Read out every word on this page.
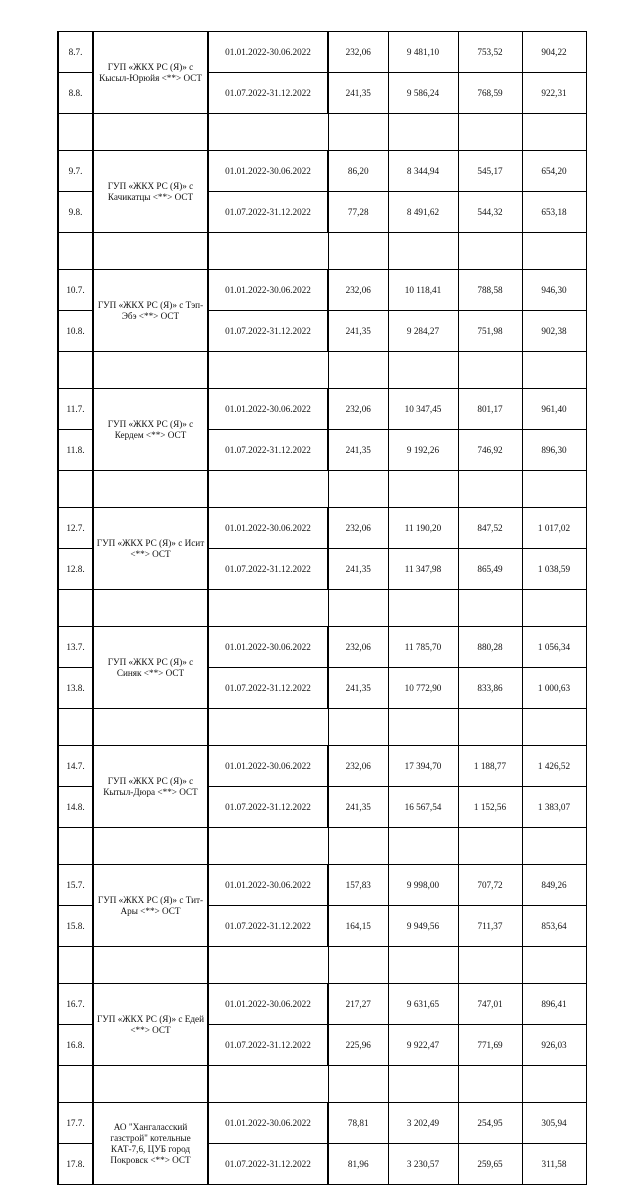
8.7.	ГУП «ЖКХ РС (Я)» с Кысыл-Юрюйя <**> ОСТ	01.01.2022-30.06.2022	232,06	9 481,10	753,52	904,22
8.8.		01.07.2022-31.12.2022	241,35	9 586,24	768,59	922,31

9.7.	ГУП «ЖКХ РС (Я)» с Качикатцы <**> ОСТ	01.01.2022-30.06.2022	86,20	8 344,94	545,17	654,20
9.8.		01.07.2022-31.12.2022	77,28	8 491,62	544,32	653,18

10.7.	ГУП «ЖКХ РС (Я)» с Тэп-Эбэ <**> ОСТ	01.01.2022-30.06.2022	232,06	10 118,41	788,58	946,30
10.8.		01.07.2022-31.12.2022	241,35	9 284,27	751,98	902,38

11.7.	ГУП «ЖКХ РС (Я)» с Кердем <**> ОСТ	01.01.2022-30.06.2022	232,06	10 347,45	801,17	961,40
11.8.		01.07.2022-31.12.2022	241,35	9 192,26	746,92	896,30

12.7.	ГУП «ЖКХ РС (Я)» с Исит <**> ОСТ	01.01.2022-30.06.2022	232,06	11 190,20	847,52	1 017,02
12.8.		01.07.2022-31.12.2022	241,35	11 347,98	865,49	1 038,59

13.7.	ГУП «ЖКХ РС (Я)» с Синяк <**> ОСТ	01.01.2022-30.06.2022	232,06	11 785,70	880,28	1 056,34
13.8.		01.07.2022-31.12.2022	241,35	10 772,90	833,86	1 000,63

14.7.	ГУП «ЖКХ РС (Я)» с Кытыл-Дюра <**> ОСТ	01.01.2022-30.06.2022	232,06	17 394,70	1 188,77	1 426,52
14.8.		01.07.2022-31.12.2022	241,35	16 567,54	1 152,56	1 383,07

15.7.	ГУП «ЖКХ РС (Я)» с Тит-Ары <**> ОСТ	01.01.2022-30.06.2022	157,83	9 998,00	707,72	849,26
15.8.		01.07.2022-31.12.2022	164,15	9 949,56	711,37	853,64

16.7.	ГУП «ЖКХ РС (Я)» с Едей <**> ОСТ	01.01.2022-30.06.2022	217,27	9 631,65	747,01	896,41
16.8.		01.07.2022-31.12.2022	225,96	9 922,47	771,69	926,03

17.7.	АО "Хангаласский газстрой" котельные КАТ-7,6, ЦУБ город Покровск <**> ОСТ	01.01.2022-30.06.2022	78,81	3 202,49	254,95	305,94
17.8.		01.07.2022-31.12.2022	81,96	3 230,57	259,65	311,58
